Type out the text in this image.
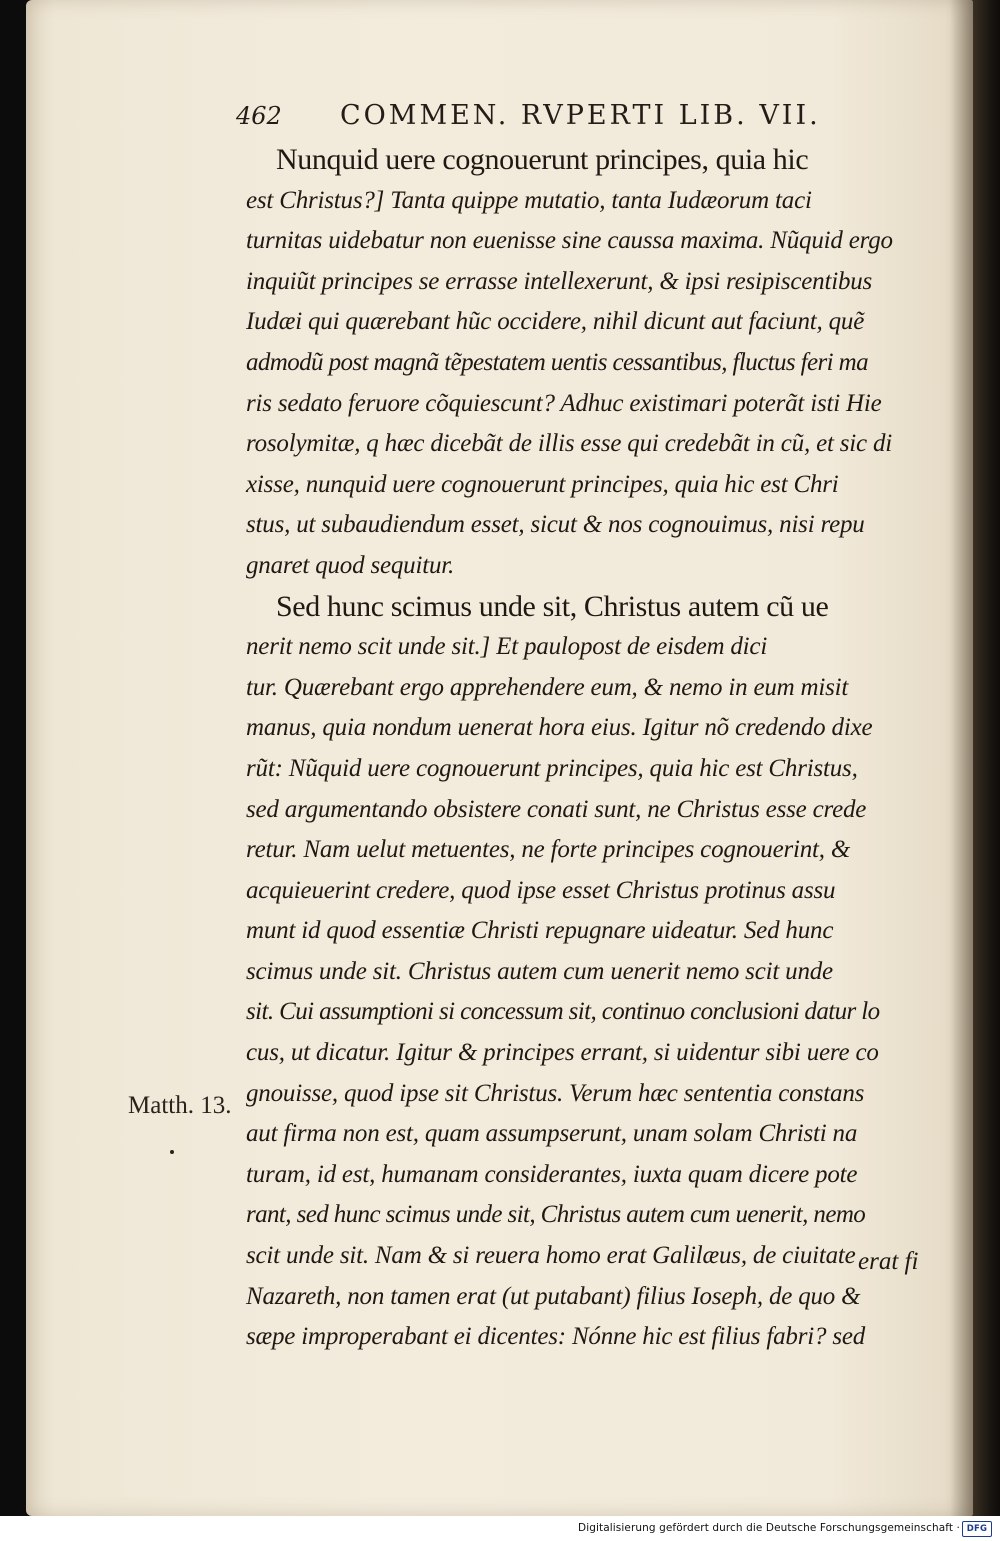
462 COMMEN. RVPERTI LIB. VII.
Nunquid uere cognouerunt principes, quia hic
est Christus?] Tanta quippe mutatio, tanta Iudæorum taci
turnitas uidebatur non euenisse sine caussa maxima. Nũquid ergo
inquiũt principes se errasse intellexerunt, & ipsi resipiscentibus
Iudæi qui quærebant hũc occidere, nihil dicunt aut faciunt, quẽ
admodũ post magnã tẽpestatem uentis cessantibus, fluctus feri ma
ris sedato feruore cõquiescunt? Adhuc existimari poterãt isti Hie
rosolymitæ, q hæc dicebãt de illis esse qui credebãt in cũ, et sic di
xisse, nunquid uere cognouerunt principes, quia hic est Chri
stus, ut subaudiendum esset, sicut & nos cognouimus, nisi repu
gnaret quod sequitur.
Sed hunc scimus unde sit, Christus autem cũ ue
nerit nemo scit unde sit.] Et paulopost de eisdem dici
tur. Quærebant ergo apprehendere eum, & nemo in eum misit
manus, quia nondum uenerat hora eius. Igitur nõ credendo dixe
rũt: Nũquid uere cognouerunt principes, quia hic est Christus,
sed argumentando obsistere conati sunt, ne Christus esse crede
retur. Nam uelut metuentes, ne forte principes cognouerint, &
acquieuerint credere, quod ipse esset Christus protinus assu
munt id quod essentiæ Christi repugnare uideatur. Sed hunc
scimus unde sit. Christus autem cum uenerit nemo scit unde
sit. Cui assumptioni si concessum sit, continuo conclusioni datur lo
cus, ut dicatur. Igitur & principes errant, si uidentur sibi uere co
gnouisse, quod ipse sit Christus. Verum hæc sententia constans
aut firma non est, quam assumpserunt, unam solam Christi na
turam, id est, humanam considerantes, iuxta quam dicere pote
rant, sed hunc scimus unde sit, Christus autem cum uenerit, nemo
scit unde sit. Nam & si reuera homo erat Galilæus, de ciuitate
Nazareth, non tamen erat (ut putabant) filius Ioseph, de quo &
sæpe improperabant ei dicentes: Nónne hic est filius fabri? sed
Matth. 13.
erat fi
Digitalisierung gefördert durch die Deutsche Forschungsgemeinschaft · DFG
